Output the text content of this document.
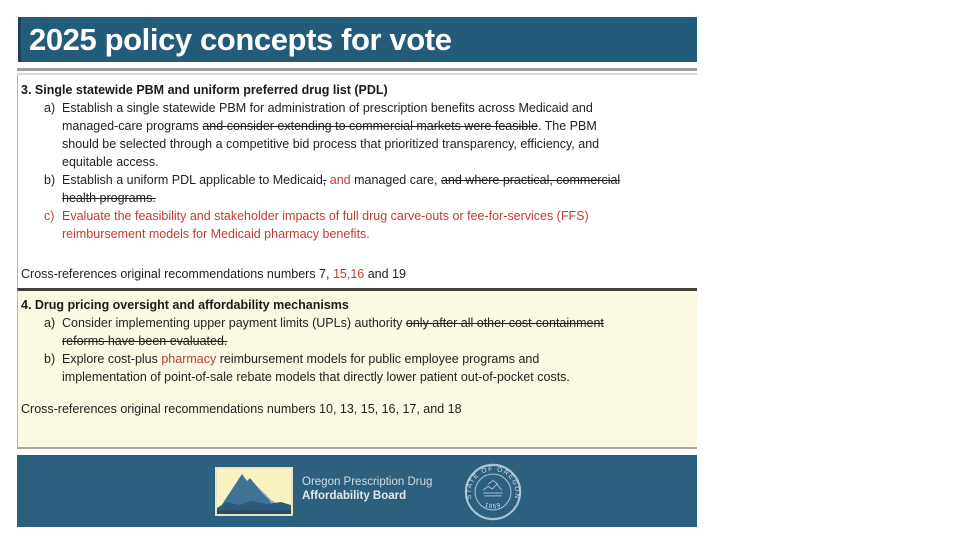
2025 policy concepts for vote
3. Single statewide PBM and uniform preferred drug list (PDL)
a) Establish a single statewide PBM for administration of prescription benefits across Medicaid and
managed-care programs and consider extending to commercial markets were feasible. The PBM
should be selected through a competitive bid process that prioritized transparency, efficiency, and
equitable access.
b) Establish a uniform PDL applicable to Medicaid, and managed care, and where practical, commercial
health programs.
c) Evaluate the feasibility and stakeholder impacts of full drug carve-outs or fee-for-services (FFS)
reimbursement models for Medicaid pharmacy benefits.
Cross-references original recommendations numbers 7, 15,16 and 19
4. Drug pricing oversight and affordability mechanisms
a) Consider implementing upper payment limits (UPLs) authority only after all other cost-containment
reforms have been evaluated.
b) Explore cost-plus pharmacy reimbursement models for public employee programs and
implementation of point-of-sale rebate models that directly lower patient out-of-pocket costs.
Cross-references original recommendations numbers 10, 13, 15, 16, 17, and 18
Oregon Prescription Drug
Affordability Board	STATE OF OREGON
1859
